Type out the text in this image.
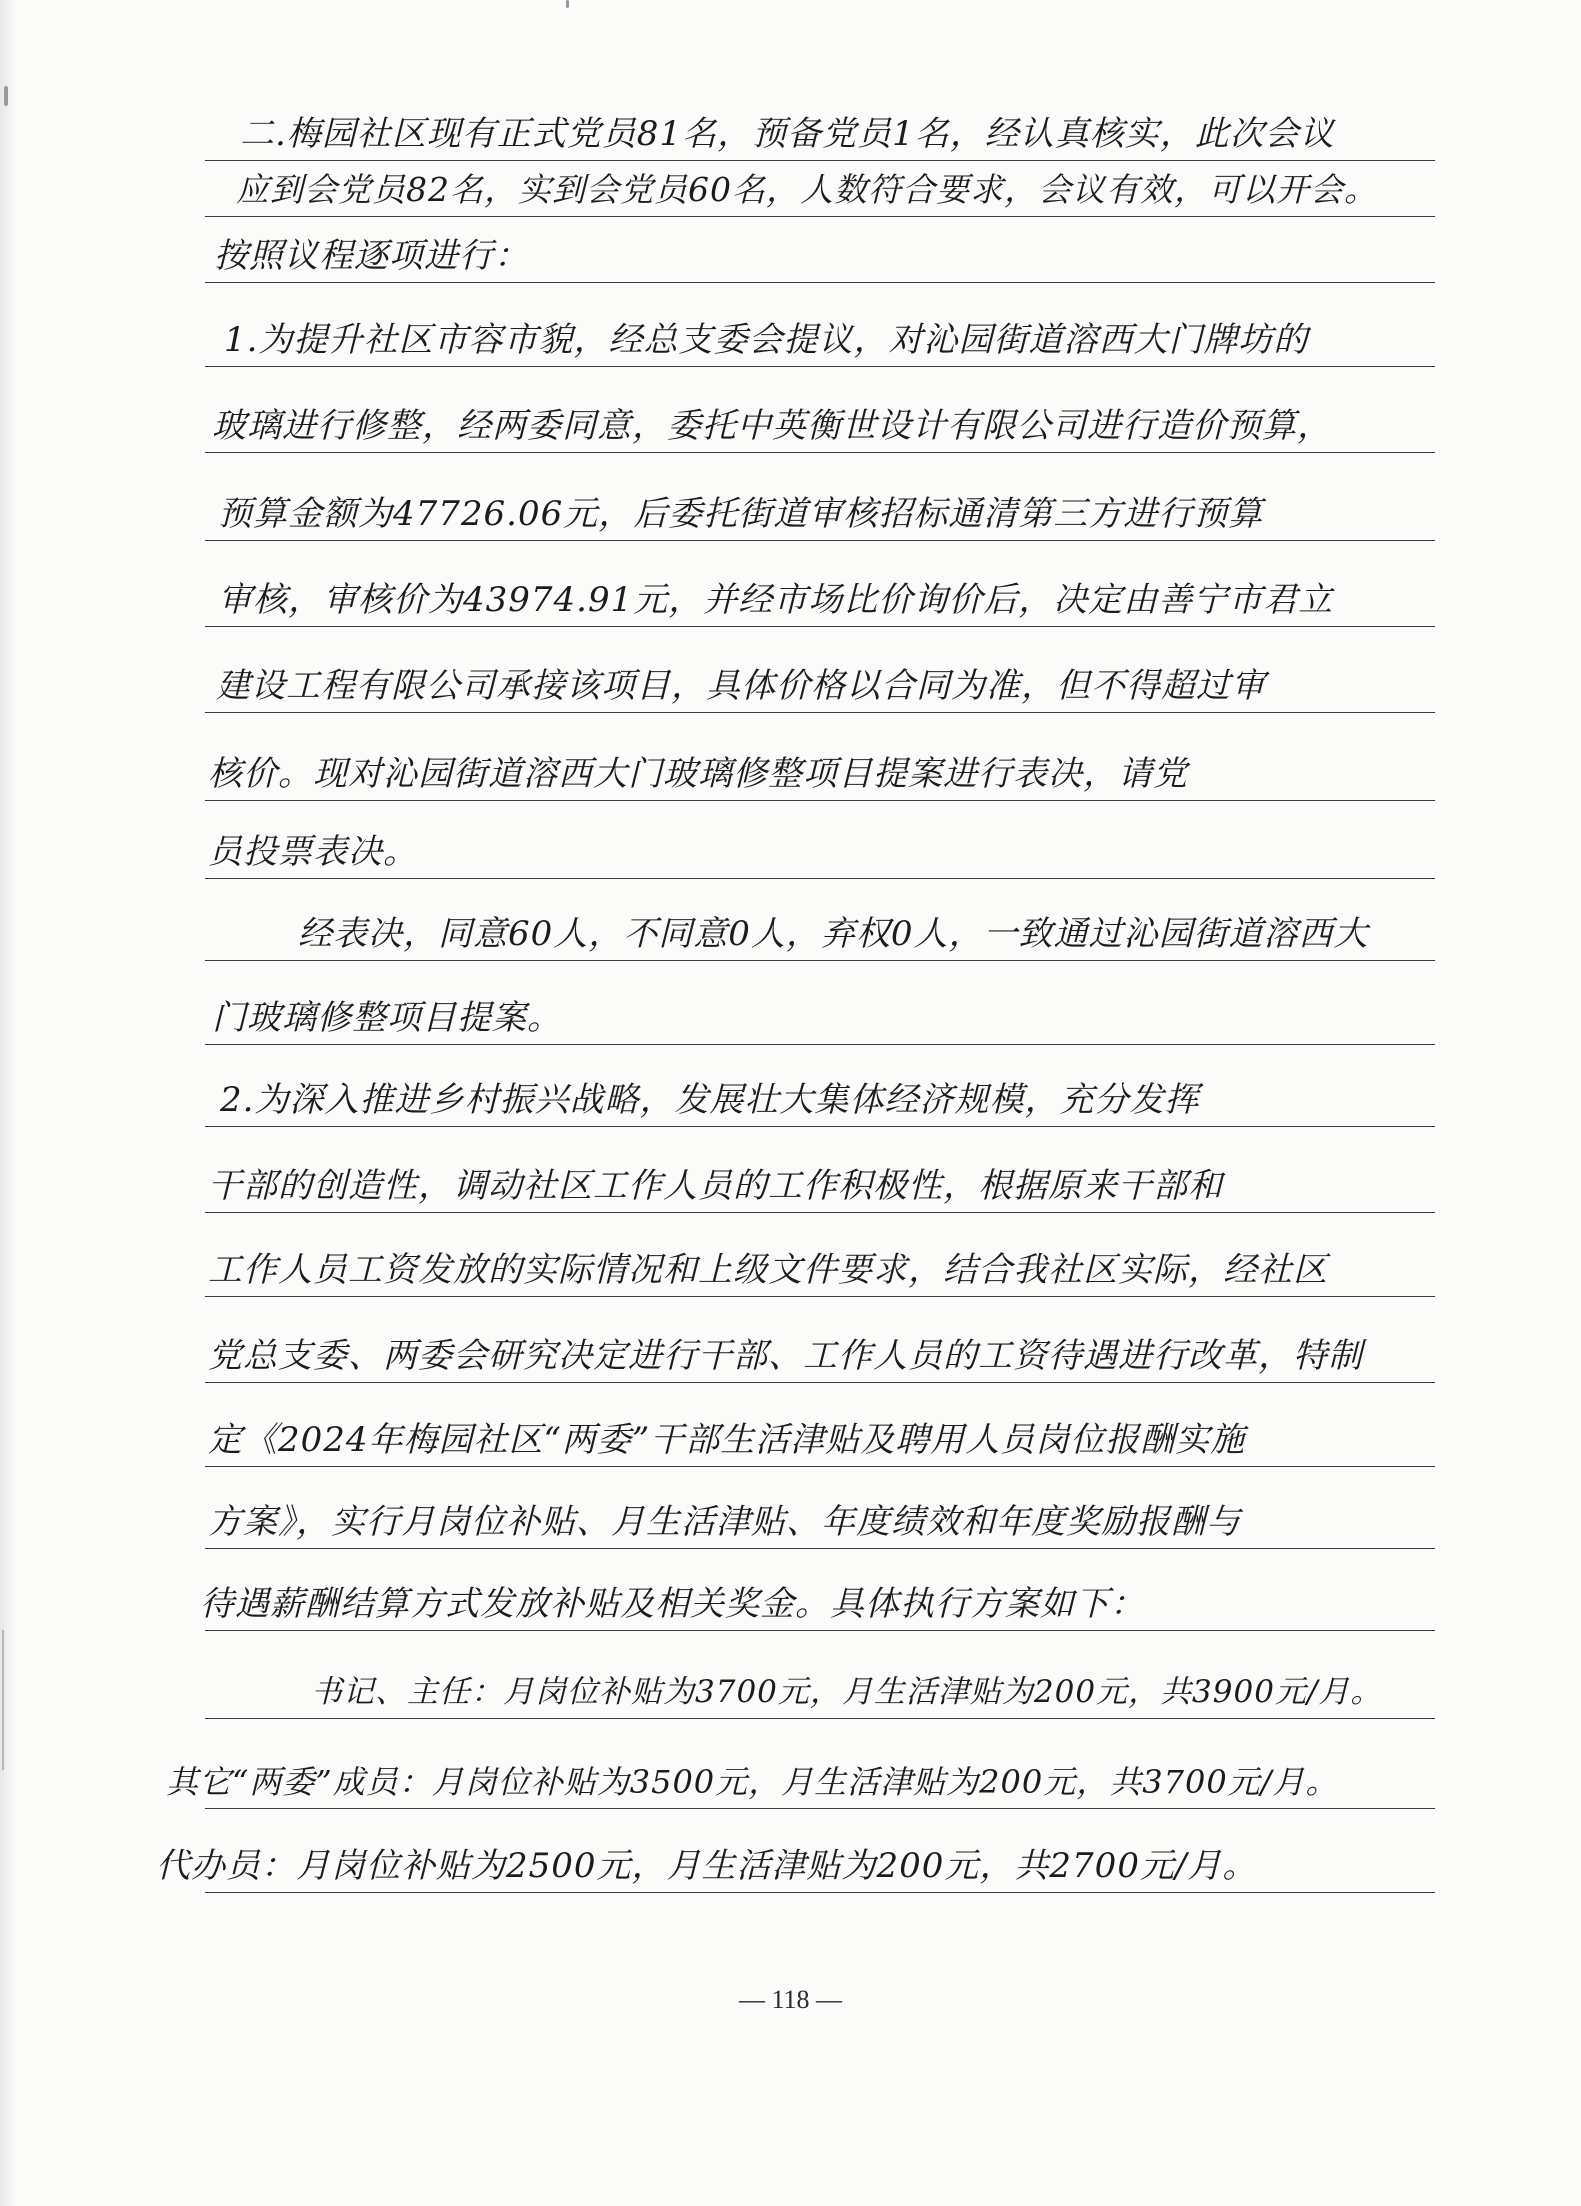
二.梅园社区现有正式党员81名，预备党员1名，经认真核实，此次会议
应到会党员82名，实到会党员60名，人数符合要求，会议有效，可以开会。
按照议程逐项进行：
1.为提升社区市容市貌，经总支委会提议，对沁园街道溶西大门牌坊的
玻璃进行修整，经两委同意，委托中英衡世设计有限公司进行造价预算，
预算金额为47726.06元，后委托街道审核招标通清第三方进行预算
审核，审核价为43974.91元，并经市场比价询价后，决定由善宁市君立
建设工程有限公司承接该项目，具体价格以合同为准，但不得超过审
核价。现对沁园街道溶西大门玻璃修整项目提案进行表决，请党
员投票表决。
经表决，同意60人，不同意0人，弃权0人，一致通过沁园街道溶西大
门玻璃修整项目提案。
2.为深入推进乡村振兴战略，发展壮大集体经济规模，充分发挥
干部的创造性，调动社区工作人员的工作积极性，根据原来干部和
工作人员工资发放的实际情况和上级文件要求，结合我社区实际，经社区
党总支委、两委会研究决定进行干部、工作人员的工资待遇进行改革，特制
定《2024年梅园社区“两委”干部生活津贴及聘用人员岗位报酬实施
方案》，实行月岗位补贴、月生活津贴、年度绩效和年度奖励报酬与
待遇薪酬结算方式发放补贴及相关奖金。具体执行方案如下：
书记、主任：月岗位补贴为3700元，月生活津贴为200元，共3900元/月。
其它“两委”成员：月岗位补贴为3500元，月生活津贴为200元，共3700元/月。
代办员：月岗位补贴为2500元，月生活津贴为200元，共2700元/月。
— 118 —
